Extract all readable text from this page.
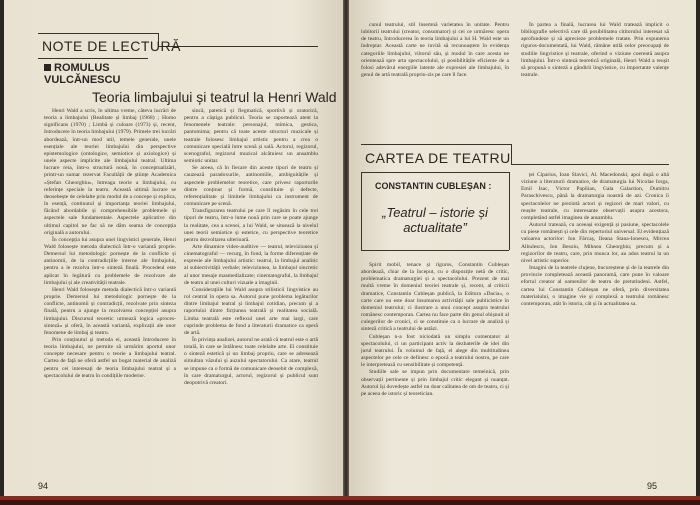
NOTE DE LECTURĂ
ROMULUS VULCĂNESCU
Teoria limbajului și teatrul la Henri Wald

Henri Wald a scris, în ultima vreme, câteva lucrări de teoria a limbajului (Realitate și limbaj (1968) ; Homo significans (1970) ; Limbă și culoare (1973) și, recent, Introducere în teoria limbajului (1979). Primele trei lucrări abordează, într-un mod util, temele generale, unele esențiale ale teoriei limbajului din perspective epistemologice (ontologice, semiotice și axiologice) și unele aspecte implicite ale limbajului teatral. Ultima lucrare reia, într-o structură nouă, în conceptualizări, printr-un sumar rezervat Facultății de științe Academica «Ștefan Gheorghiu», întreaga teorie a limbajului, cu referințe speciale la teatru. Această ultimă lucrare se deosebește de celelalte prin modul de a concepe și explica, în esență, continutul și importanța teoriei limbajului, făcând abordabile și comprehensibile problemele și aspectele sale fundamentale. Aspectele aplicative din ultimul capitol ne fac să ne dăm seama de concepția originală a autorului.

În concepția lui asupra unei lingvistici generale, Henri Wald folosește metoda dialectică într-o variantă proprie. Demersul lui metodologic pornește de la conflicte și antinomii, de la contradicțiile interne ale limbajului, pentru a le rezolva într-o sinteză finală. Procedeul este aplicat în legătură cu problemele de rezolvare ale limbajului și ale creativității teatrale.

Henri Wald folosește metoda dialectică într-o variantă proprie. Demersul lui metodologic pornește de la conflicte, antinomii și contradicții, rezolvate prin sinteza finală, pentru a ajunge la rezolvarea concepției asupra limbajului. Discursul teoretic urmează logica «proces-sinteză» și oferă, în această variantă, explicații ale unor fenomene de limbaj și teatru.

Prin conținutul și metoda ei, această Introducere în teoria limbajului, ne permite să urmărim aportul unor concepte necesare pentru o teorie a limbajului teatral. Cartea de față ne oferă astfel un bogat material de analiză pentru cei interesați de teoria limbajului teatral și a spectacolului de teatru în condițiile moderne.

sincă, patetică și flegmatică, sportivă și oratorică, pentru a câștiga publicul. Teoria se raportează atent la fenomenele teatrale: personajul, mimica, gestica, pantomima; pentru că toate aceste structuri muzicale și teatrale folosesc limbajul artistic pentru a crea o comunicare specială între scenă și sală. Actorul, regizorul, scenograful, regizorul muzical alcătuiesc un ansamblu semiotic unitar.

Se aceea, că în fiecare din aceste tipuri de teatru și cauzează paradoxurile, antinomiile, ambiguitățile și aspectele problemelor teoretice, care privesc raporturile dintre conținut și formă, constituite și defecte, referențialitate și limitele limbajului ca instrument de comunicare pe scenă.

Transfigurarea teatrului pe care îl regăsim în cele trei tipuri de teatru, într-o lume nouă prin care se poate ajunge la realitate, cea a scenei, a lui Wald, se situează la nivelul unei teorii semiotice și estetice, cu perspective teoretice pentru dezvoltarea ulterioară.

Arte dinamice video-auditive — teatrul, televiziunea și cinematograful — recurg, în fond, la forme diferențiate de expresie ale limbajului artistic: teatrul, la limbajul analitic al subiectivității verbale; televiziunea, la limbajul sincretic al unor mesaje masmedializate; cinematograful, la limbajul de teatru al unei culturi vizuale a imaginii.

Considerațiile lui Wald asupra stilisticii lingvistice au rol central în opera sa. Autorul pune problema legăturilor dintre limbajul teatral și limbajul cotidian, precum și a raportului dintre ficțiunea teatrală și realitatea socială. Limba teatrală este reflexul unei arte mai largi, care cuprinde problema de fond a literaturii dramatice ca operă de artă.

În privința analizei, autorul ne arată că teatrul este o artă totală, în care se întâlnesc toate celelalte arte. El constituie o sinteză estetică și un limbaj propriu, care se adresează simultan văzului și auzului spectatorului. Ca atare, teatrul se impune ca o formă de comunicare deosebit de complexă, în care dramaturgul, actorul, regizorul și publicul sunt deopotrivă creatori.

94

cunul teatrului, stil însemnă varietatea în unitate. Pentru iubitorii teatrului (creator, consumator) și cei ce urmăresc opera de teatru, Introducerea în teoria limbajului a lui H. Wald este un îndreptar. Această carte ne invită să recunoaștem în evidența categoriile limbajului, viitorul său, și modul în care acesta ne orientează spre arta spectacolului, și posibilitățile eficiente de a folosi adevărul energiile latente ale expresiei ale limbajului, în genul de artă teatrală propriu-zis pe care îl face.

În partea a finală, lucrarea lui Wald tratează implicit o bibliografie selectivă care dă posibilitatea cititorului interesat să aprofundeze și să aprecieze problemele tratate. Prin expunerea riguros-documentată, lui Wald, rămâne utilă celor preocupați de studiile lingvistice și teatrale, oferind o viziune coerentă asupra limbajului. Într-o sinteză teoretică originală, Henri Wald a reușit să propună o sinteză a gândirii lingvistice, cu importante valențe teatrale.

CARTEA DE TEATRU
CONSTANTIN CUBLEȘAN :
„Teatrul – istorie și actualitate”

Spirit mobil, tenace și riguros, Constantin Cubleșan abordează, chiar de la început, cu o dispoziție netă de critic, problematica dramaturgiei și a spectacolului. Prezent de mai multă vreme în domeniul teoriei teatrale și, recent, al criticii dramatice, Constantin Cubleșan publică, la Editura «Dacia», o carte care nu este doar însumarea activității sale publicistice în domeniul teatrului; ci ilustrare a unui concept asupra teatrului românesc contemporan. Cartea nu face parte din genul obișnuit al culegerilor de cronici, ci se constituie ca o lucrare de analiză și sinteză critică a teatrului de astăzi.

Cubleșan n-a fost niciodată un simplu comentator al spectacolului, ci un participant activ la dezbaterile de idei din jurul teatrului. În volumul de față, el alege din multitudinea aspectelor pe cele ce definesc o epocă a teatrului nostru, pe care le interpretează cu sensibilitate și competență.

Studiile sale se impun prin documentare temeinică, prin observații pertinente și prin limbajul critic elegant și nuanțat. Autorul își dovedește astfel nu doar calitatea de om de teatru, ci și pe aceea de istoric și teoretician.

ței Ciparius, Ioan Slavici, Al. Macedonski, apoi după o altă viziune a literaturii dramatice, de dramaturgia lui Nicolae Iorga, Emil Isac, Victor Papilian, Gala Galaction, Dumitru Paraschivescu, până la dramaturgia noastră de azi. Cronica îi spectacolelor ne prezintă actori și regizori de mari valori, cu reușite teatrale, cu interesante observații asupra acestora, completând astfel imaginea de ansamblu.

Autorul tratează, cu aceeași exigență și pasiune, spectacolele cu piese românești și cele din repertoriul universal. El evidențiază valoarea actorilor: Ion Fărcaș, Ileana Stana-Ionescu, Mircea Albulescu, Ion Besoiu, Mihnea Gheorghiu; precum și a regizorilor de teatru, care, prin munca lor, au adus teatrul la un nivel artistic superior.

Imagini de la teatrele clujene, bucureștene și de la teatrele din provincie completează această panoramă, care pune în valoare efortul creator al oamenilor de teatru de pretutindeni. Astfel, cartea lui Constantin Cubleșan ne oferă, prin diversitatea materialului, o imagine vie și complexă a teatrului românesc contemporan, atât în istoria, cât și în actualitatea sa.

95
